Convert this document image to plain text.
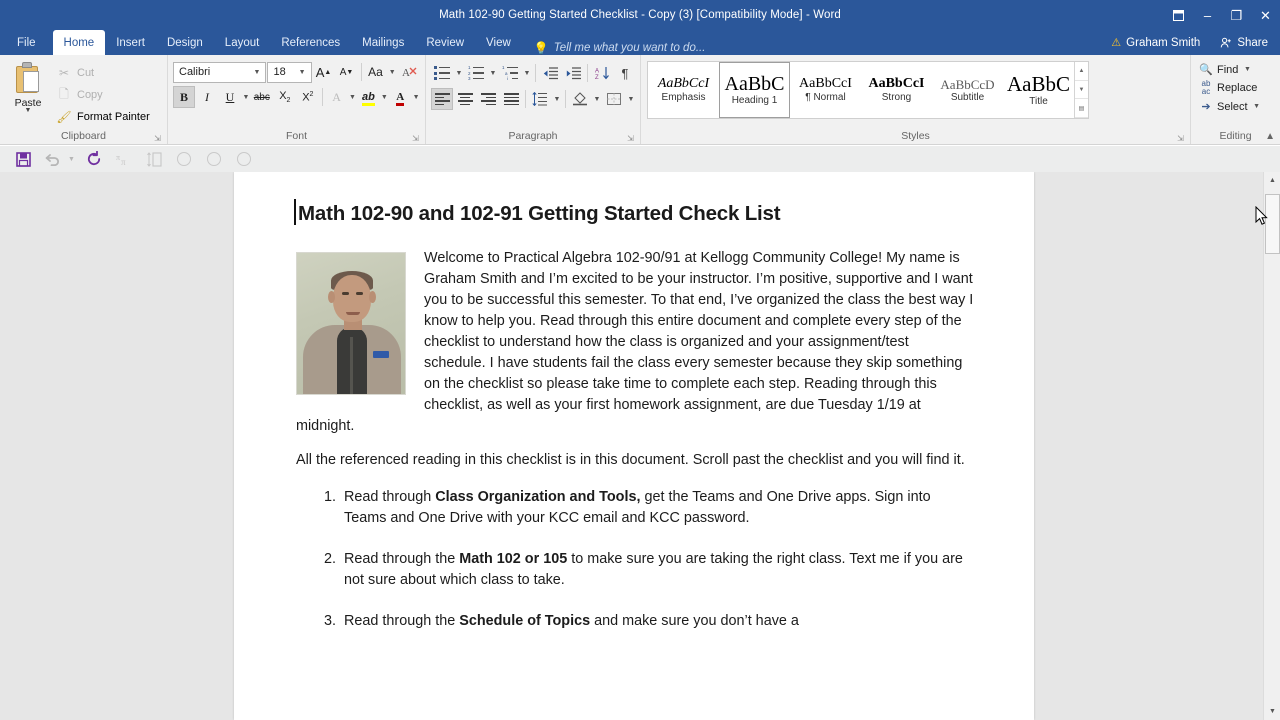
Math 102-90 Getting Started Checklist - Copy (3) [Compatibility Mode] - Word	–	❐	✕
File	Home	Insert	Design	Layout	References	Mailings	Review	View	💡 Tell me what you want to do...	⚠ Graham Smith	Share
Paste
▼
✂ Cut
🗋 Copy
🖌 Format Painter
Clipboard	⇲
Calibri	▼ 18	▼ A ▲ A ▼ Aa ▼ A
B I U ▼ abc $X_2$ $X^2$ A ▼ ab ▼ A ▼
Font	⇲
▼
1
2
3
▼
1
a
i
▼	A
Z ¶
▼	▼	▼
Paragraph	⇲
AaBbCcI
Emphasis
AaBbC
Heading 1
AaBbCcI
¶ Normal
AaBbCcI
Strong
AaBbCcD
Subtitle
AaBbC
Title
▲
▼
▤
Styles	⇲
🔍 Find ▼
ab
ac Replace
➔ Select ▼
Editing	▲
▼	π π
Math 102-90 and 102-91 Getting Started Check List

Welcome to Practical Algebra 102-90/91 at Kellogg Community College! My name is Graham Smith and I’m excited to be your instructor. I’m positive, supportive and I want you to be successful this semester. To that end, I’ve organized the class the best way I know to help you. Read through this entire document and complete every step of the checklist to understand how the class is organized and your assignment/test schedule. I have students fail the class every semester because they skip something on the checklist so please take time to complete each step. Reading through this checklist, as well as your first homework assignment, are due Tuesday 1/19 at midnight.

All the referenced reading in this checklist is in this document. Scroll past the checklist and you will find it.

Read through Class Organization and Tools, get the Teams and One Drive apps. Sign into Teams and One Drive with your KCC email and KCC password.
Read through the Math 102 or 105 to make sure you are taking the right class. Text me if you are not sure about which class to take.
Read through the Schedule of Topics and make sure you don’t have a
▲
▼
